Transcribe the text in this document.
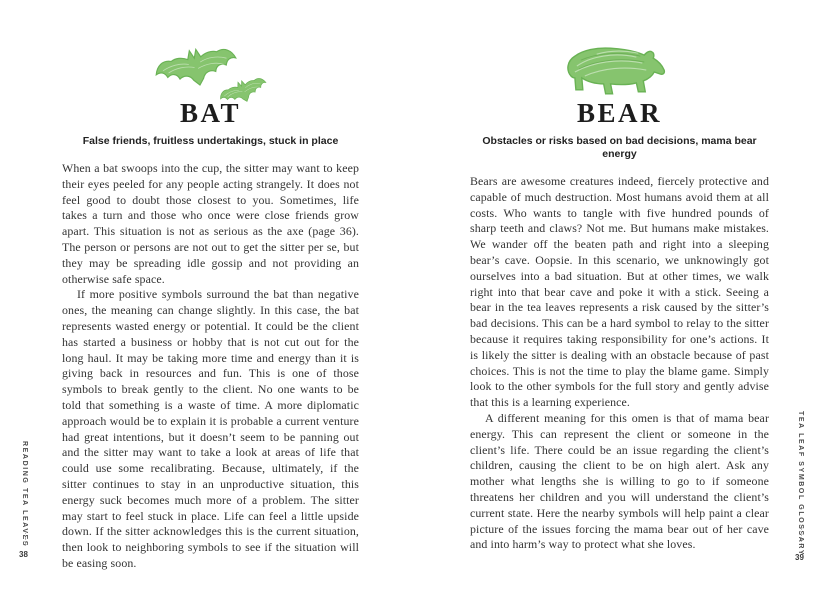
BAT

False friends, fruitless undertakings, stuck in place

When a bat swoops into the cup, the sitter may want to keep their eyes peeled for any people acting strangely. It does not feel good to doubt those closest to you. Sometimes, life takes a turn and those who once were close friends grow apart. This situation is not as serious as the axe (page 36). The person or persons are not out to get the sitter per se, but they may be spreading idle gossip and not providing an otherwise safe space.

If more positive symbols surround the bat than negative ones, the meaning can change slightly. In this case, the bat represents wasted energy or potential. It could be the client has started a business or hobby that is not cut out for the long haul. It may be taking more time and energy than it is giving back in resources and fun. This is one of those symbols to break gently to the client. No one wants to be told that something is a waste of time. A more diplomatic approach would be to explain it is probable a current venture had great intentions, but it doesn’t seem to be panning out and the sitter may want to take a look at areas of life that could use some recalibrating. Because, ultimately, if the sitter continues to stay in an unproductive situation, this energy suck becomes much more of a problem. The sitter may start to feel stuck in place. Life can feel a little upside down. If the sitter acknowledges this is the current situation, then look to neighboring symbols to see if the situation will be easing soon.

BEAR

Obstacles or risks based on bad decisions, mama bear energy

Bears are awesome creatures indeed, fiercely protective and capable of much destruction. Most humans avoid them at all costs. Who wants to tangle with five hundred pounds of sharp teeth and claws? Not me. But humans make mistakes. We wander off the beaten path and right into a sleeping bear’s cave. Oopsie. In this scenario, we unknowingly got ourselves into a bad situation. But at other times, we walk right into that bear cave and poke it with a stick. Seeing a bear in the tea leaves represents a risk caused by the sitter’s bad decisions. This can be a hard symbol to relay to the sitter because it requires taking responsibility for one’s actions. It is likely the sitter is dealing with an obstacle because of past choices. This is not the time to play the blame game. Simply look to the other symbols for the full story and gently advise that this is a learning experience.

A different meaning for this omen is that of mama bear energy. This can represent the client or someone in the client’s life. There could be an issue regarding the client’s children, causing the client to be on high alert. Ask any mother what lengths she is willing to go to if someone threatens her children and you will understand the client’s current state. Here the nearby symbols will help paint a clear picture of the issues forcing the mama bear out of her cave and into harm’s way to protect what she loves.

READING TEA LEAVES
38	TEA LEAF SYMBOL GLOSSARY
39
